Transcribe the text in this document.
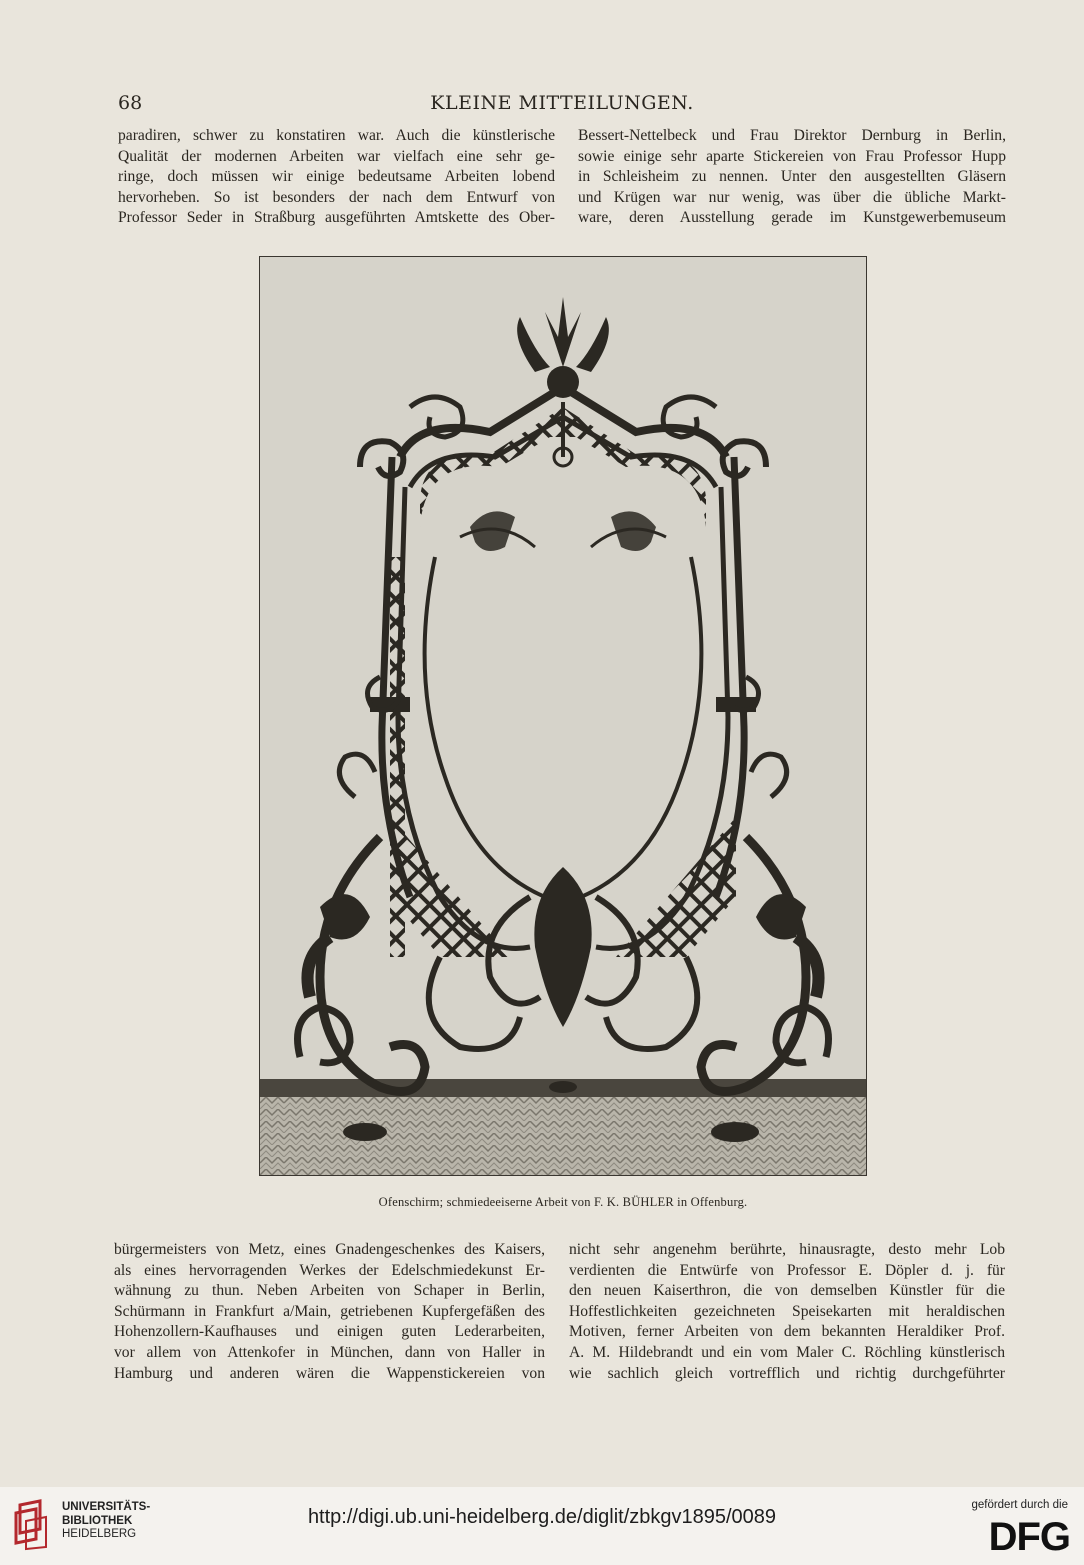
68	KLEINE MITTEILUNGEN.
paradiren, schwer zu konstatiren war. Auch die künstlerische
Qualität der modernen Arbeiten war vielfach eine sehr ge-
ringe, doch müssen wir einige bedeutsame Arbeiten lobend
hervorheben. So ist besonders der nach dem Entwurf von
Professor Seder in Straßburg ausgeführten Amtskette des Ober-
Bessert-Nettelbeck und Frau Direktor Dernburg in Berlin,
sowie einige sehr aparte Stickereien von Frau Professor Hupp
in Schleisheim zu nennen. Unter den ausgestellten Gläsern
und Krügen war nur wenig, was über die übliche Markt-
ware, deren Ausstellung gerade im Kunstgewerbemuseum
Ofenschirm; schmiedeeiserne Arbeit von F. K. BÜHLER in Offenburg.
bürgermeisters von Metz, eines Gnadengeschenkes des Kaisers,
als eines hervorragenden Werkes der Edelschmiedekunst Er-
wähnung zu thun. Neben Arbeiten von Schaper in Berlin,
Schürmann in Frankfurt a/Main, getriebenen Kupfergefäßen des
Hohenzollern-Kaufhauses und einigen guten Lederarbeiten,
vor allem von Attenkofer in München, dann von Haller in
Hamburg und anderen wären die Wappenstickereien von
nicht sehr angenehm berührte, hinausragte, desto mehr Lob
verdienten die Entwürfe von Professor E. Döpler d. j. für
den neuen Kaiserthron, die von demselben Künstler für die
Hoffestlichkeiten gezeichneten Speisekarten mit heraldischen
Motiven, ferner Arbeiten von dem bekannten Heraldiker Prof.
A. M. Hildebrandt und ein vom Maler C. Röchling künstlerisch
wie sachlich gleich vortrefflich und richtig durchgeführter
UNIVERSITÄTS-
BIBLIOTHEK
HEIDELBERG
http://digi.ub.uni-heidelberg.de/diglit/zbkgv1895/0089
gefördert durch die
DFG
